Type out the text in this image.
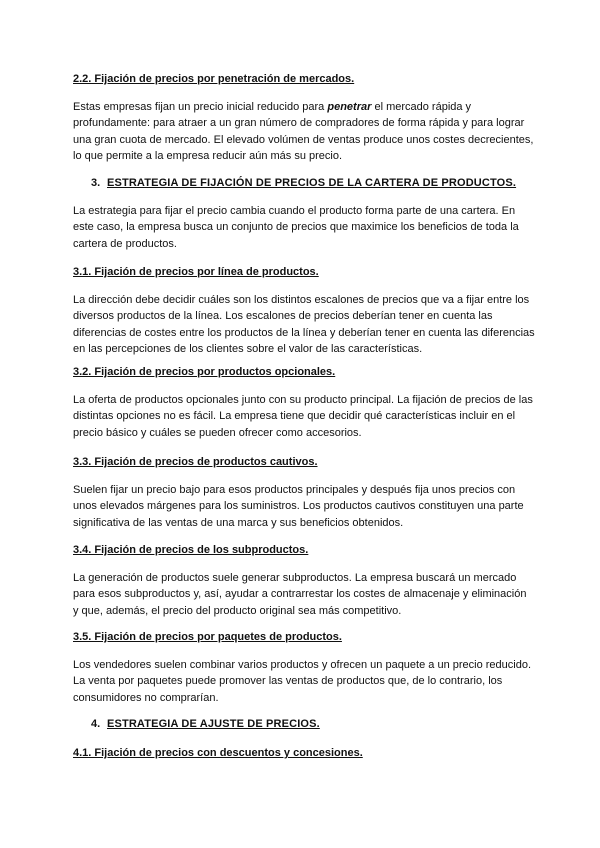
2.2. Fijación de precios por penetración de mercados.

Estas empresas fijan un precio inicial reducido para penetrar el mercado rápida y profundamente: para atraer a un gran número de compradores de forma rápida y para lograr una gran cuota de mercado. El elevado volúmen de ventas produce unos costes decrecientes, lo que permite a la empresa reducir aún más su precio.

3. ESTRATEGIA DE FIJACIÓN DE PRECIOS DE LA CARTERA DE PRODUCTOS.

La estrategia para fijar el precio cambia cuando el producto forma parte de una cartera. En este caso, la empresa busca un conjunto de precios que maximice los beneficios de toda la cartera de productos.

3.1. Fijación de precios por línea de productos.

La dirección debe decidir cuáles son los distintos escalones de precios que va a fijar entre los diversos productos de la línea. Los escalones de precios deberían tener en cuenta las diferencias de costes entre los productos de la línea y deberían tener en cuenta las diferencias en las percepciones de los clientes sobre el valor de las características.

3.2. Fijación de precios por productos opcionales.

La oferta de productos opcionales junto con su producto principal. La fijación de precios de las distintas opciones no es fácil. La empresa tiene que decidir qué características incluir en el precio básico y cuáles se pueden ofrecer como accesorios.

3.3. Fijación de precios de productos cautivos.

Suelen fijar un precio bajo para esos productos principales y después fija unos precios con unos elevados márgenes para los suministros. Los productos cautivos constituyen una parte significativa de las ventas de una marca y sus beneficios obtenidos.

3.4. Fijación de precios de los subproductos.

La generación de productos suele generar subproductos. La empresa buscará un mercado para esos subproductos y, así, ayudar a contrarrestar los costes de almacenaje y eliminación y que, además, el precio del producto original sea más competitivo.

3.5. Fijación de precios por paquetes de productos.

Los vendedores suelen combinar varios productos y ofrecen un paquete a un precio reducido. La venta por paquetes puede promover las ventas de productos que, de lo contrario, los consumidores no comprarían.

4. ESTRATEGIA DE AJUSTE DE PRECIOS.
4.1. Fijación de precios con descuentos y concesiones.
